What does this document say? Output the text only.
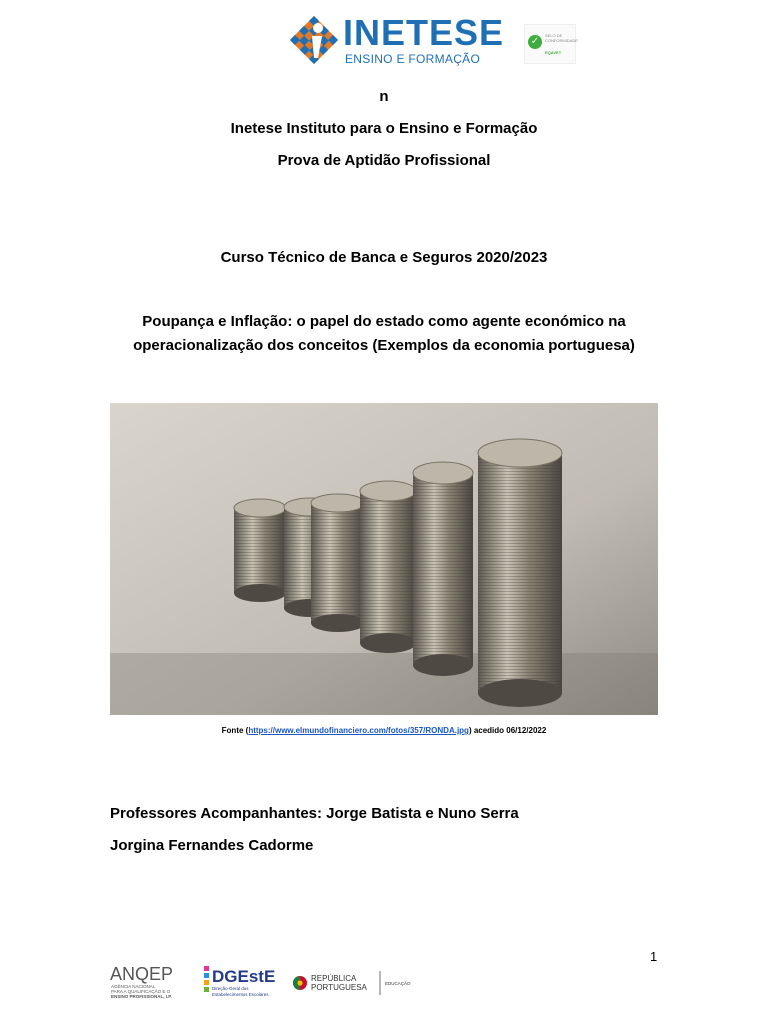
INETESE
ENSINO E FORMAÇÃO
✓
SELO DE CONFORMIDADE
EQAVET
n
Inetese Instituto para o Ensino e Formação
Prova de Aptidão Profissional
Curso Técnico de Banca e Seguros 2020/2023
Poupança e Inflação: o papel do estado como agente económico na
operacionalização dos conceitos (Exemplos da economia portuguesa)
Fonte (https://www.elmundofinanciero.com/fotos/357/RONDA.jpg) acedido 06/12/2022
Professores Acompanhantes: Jorge Batista e Nuno Serra
Jorgina Fernandes Cadorme
1
ANQEP
AGÊNCIA NACIONAL
PARA A QUALIFICAÇÃO E O
ENSINO PROFISSIONAL, I.P.
DGEstE
Direção-Geral dos
Estabelecimentos Escolares
REPÚBLICA
PORTUGUESA	EDUCAÇÃO
